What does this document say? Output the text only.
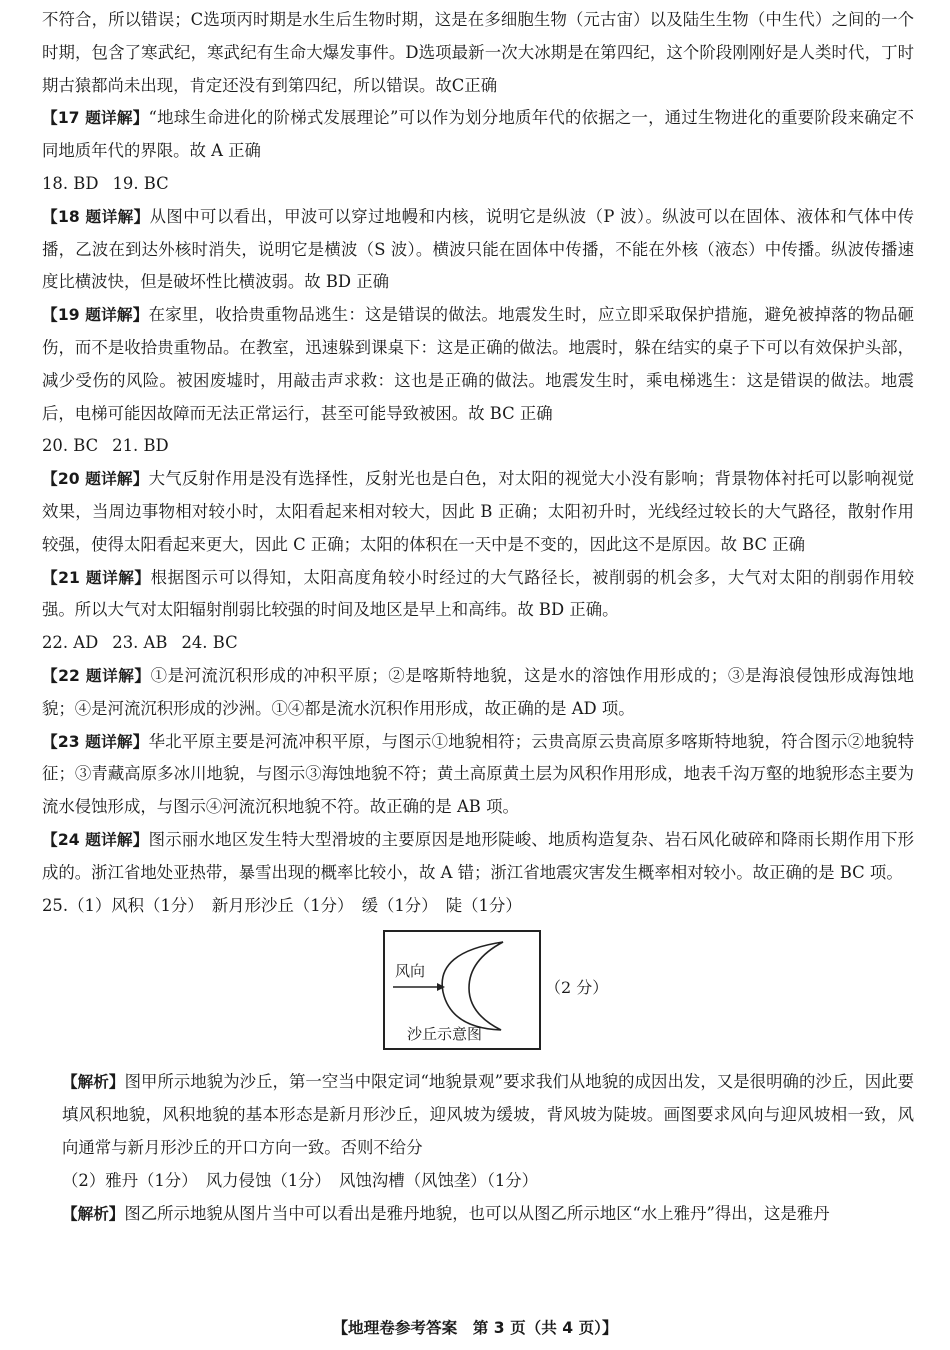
不符合，所以错误；C选项丙时期是水生后生物时期，这是在多细胞生物（元古宙）以及陆生生物（中生代）之间的一个时期，包含了寒武纪，寒武纪有生命大爆发事件。D选项最新一次大冰期是在第四纪，这个阶段刚刚好是人类时代，丁时期古猿都尚未出现，肯定还没有到第四纪，所以错误。故C正确

【17 题详解】“地球生命进化的阶梯式发展理论”可以作为划分地质年代的依据之一，通过生物进化的重要阶段来确定不同地质年代的界限。故 A 正确

18. BD 19. BC

【18 题详解】从图中可以看出，甲波可以穿过地幔和内核，说明它是纵波（P 波）。纵波可以在固体、液体和气体中传播，乙波在到达外核时消失，说明它是横波（S 波）。横波只能在固体中传播，不能在外核（液态）中传播。纵波传播速度比横波快，但是破坏性比横波弱。故 BD 正确

【19 题详解】在家里，收拾贵重物品逃生：这是错误的做法。地震发生时，应立即采取保护措施，避免被掉落的物品砸伤，而不是收拾贵重物品。在教室，迅速躲到课桌下：这是正确的做法。地震时，躲在结实的桌子下可以有效保护头部，减少受伤的风险。被困废墟时，用敲击声求救：这也是正确的做法。地震发生时，乘电梯逃生：这是错误的做法。地震后，电梯可能因故障而无法正常运行，甚至可能导致被困。故 BC 正确

20. BC 21. BD

【20 题详解】大气反射作用是没有选择性，反射光也是白色，对太阳的视觉大小没有影响；背景物体衬托可以影响视觉效果，当周边事物相对较小时，太阳看起来相对较大，因此 B 正确；太阳初升时，光线经过较长的大气路径，散射作用较强，使得太阳看起来更大，因此 C 正确；太阳的体积在一天中是不变的，因此这不是原因。故 BC 正确

【21 题详解】根据图示可以得知，太阳高度角较小时经过的大气路径长，被削弱的机会多，大气对太阳的削弱作用较强。所以大气对太阳辐射削弱比较强的时间及地区是早上和高纬。故 BD 正确。

22. AD 23. AB 24. BC

【22 题详解】①是河流沉积形成的冲积平原；②是喀斯特地貌，这是水的溶蚀作用形成的；③是海浪侵蚀形成海蚀地貌；④是河流沉积形成的沙洲。①④都是流水沉积作用形成，故正确的是 AD 项。

【23 题详解】华北平原主要是河流冲积平原，与图示①地貌相符；云贵高原云贵高原多喀斯特地貌，符合图示②地貌特征；③青藏高原多冰川地貌，与图示③海蚀地貌不符；黄土高原黄土层为风积作用形成，地表千沟万壑的地貌形态主要为流水侵蚀形成，与图示④河流沉积地貌不符。故正确的是 AB 项。

【24 题详解】图示丽水地区发生特大型滑坡的主要原因是地形陡峻、地质构造复杂、岩石风化破碎和降雨长期作用下形成的。浙江省地处亚热带，暴雪出现的概率比较小，故 A 错；浙江省地震灾害发生概率相对较小。故正确的是 BC 项。

25.（1）风积（1分）　新月形沙丘（1分）　缓（1分）　陡（1分）

风向
沙丘示意图
（2 分）

【解析】图甲所示地貌为沙丘，第一空当中限定词“地貌景观”要求我们从地貌的成因出发，又是很明确的沙丘，因此要填风积地貌，风积地貌的基本形态是新月形沙丘，迎风坡为缓坡，背风坡为陡坡。画图要求风向与迎风坡相一致，风向通常与新月形沙丘的开口方向一致。否则不给分

（2）雅丹（1分）　风力侵蚀（1分）　风蚀沟槽（风蚀垄）（1分）

【解析】图乙所示地貌从图片当中可以看出是雅丹地貌，也可以从图乙所示地区“水上雅丹”得出，这是雅丹

【地理卷参考答案　第 3 页（共 4 页）】
